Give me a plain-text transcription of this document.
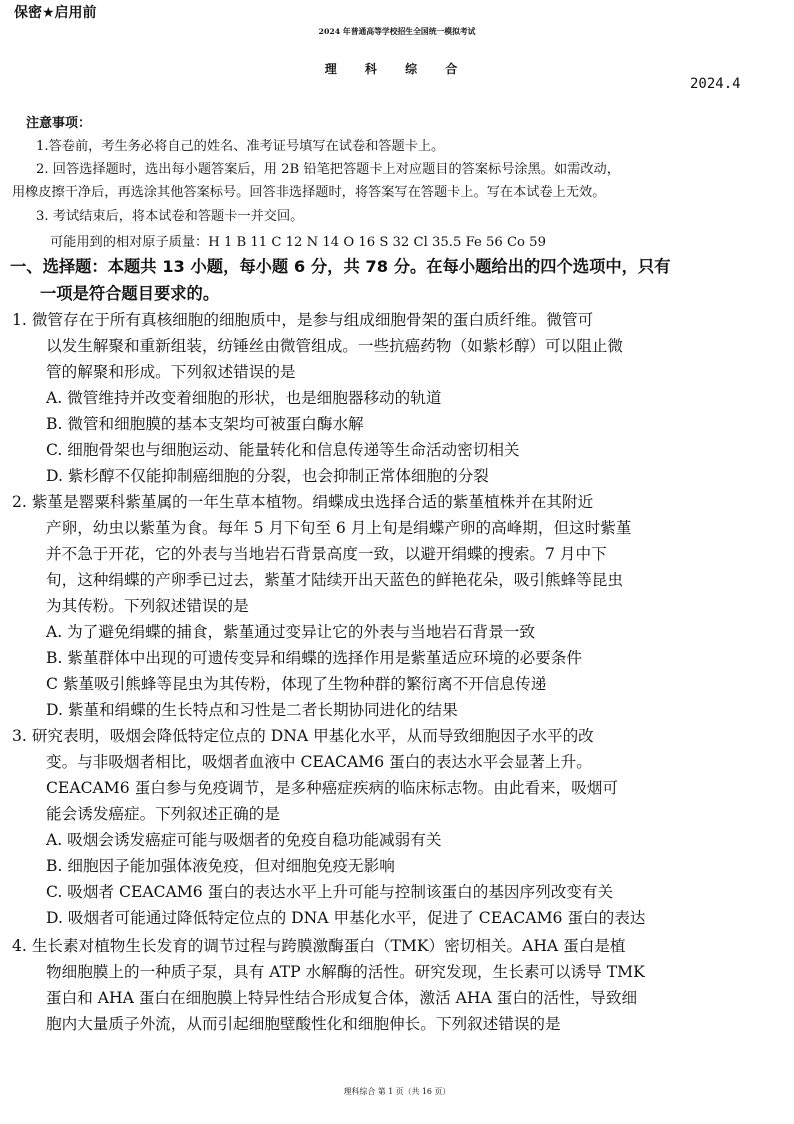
保密★启用前
2024 年普通高等学校招生全国统一模拟考试
理 科 综 合
2024.4
注意事项：
1.答卷前，考生务必将自己的姓名、准考证号填写在试卷和答题卡上。
2. 回答选择题时，选出每小题答案后，用 2B 铅笔把答题卡上对应题目的答案标号涂黑。如需改动，
用橡皮擦干净后，再选涂其他答案标号。回答非选择题时，将答案写在答题卡上。写在本试卷上无效。
3. 考试结束后，将本试卷和答题卡一并交回。
可能用到的相对原子质量：H 1 B 11 C 12 N 14 O 16 S 32 Cl 35.5 Fe 56 Co 59
一、选择题：本题共 13 小题，每小题 6 分，共 78 分。在每小题给出的四个选项中，只有
一项是符合题目要求的。
1. 微管存在于所有真核细胞的细胞质中，是参与组成细胞骨架的蛋白质纤维。微管可
以发生解聚和重新组装，纺锤丝由微管组成。一些抗癌药物（如紫杉醇）可以阻止微
管的解聚和形成。下列叙述错误的是
A. 微管维持并改变着细胞的形状，也是细胞器移动的轨道
B. 微管和细胞膜的基本支架均可被蛋白酶水解
C. 细胞骨架也与细胞运动、能量转化和信息传递等生命活动密切相关
D. 紫杉醇不仅能抑制癌细胞的分裂，也会抑制正常体细胞的分裂
2. 紫堇是罂粟科紫堇属的一年生草本植物。绢蝶成虫选择合适的紫堇植株并在其附近
产卵，幼虫以紫堇为食。每年 5 月下旬至 6 月上旬是绢蝶产卵的高峰期，但这时紫堇
并不急于开花，它的外表与当地岩石背景高度一致，以避开绢蝶的搜索。7 月中下
旬，这种绢蝶的产卵季已过去，紫堇才陆续开出天蓝色的鲜艳花朵，吸引熊蜂等昆虫
为其传粉。下列叙述错误的是
A. 为了避免绢蝶的捕食，紫堇通过变异让它的外表与当地岩石背景一致
B. 紫堇群体中出现的可遗传变异和绢蝶的选择作用是紫堇适应环境的必要条件
C 紫堇吸引熊蜂等昆虫为其传粉，体现了生物种群的繁衍离不开信息传递
D. 紫堇和绢蝶的生长特点和习性是二者长期协同进化的结果
3. 研究表明，吸烟会降低特定位点的 DNA 甲基化水平，从而导致细胞因子水平的改
变。与非吸烟者相比，吸烟者血液中 CEACAM6 蛋白的表达水平会显著上升。
CEACAM6 蛋白参与免疫调节，是多种癌症疾病的临床标志物。由此看来，吸烟可
能会诱发癌症。下列叙述正确的是
A. 吸烟会诱发癌症可能与吸烟者的免疫自稳功能减弱有关
B. 细胞因子能加强体液免疫，但对细胞免疫无影响
C. 吸烟者 CEACAM6 蛋白的表达水平上升可能与控制该蛋白的基因序列改变有关
D. 吸烟者可能通过降低特定位点的 DNA 甲基化水平，促进了 CEACAM6 蛋白的表达
4. 生长素对植物生长发育的调节过程与跨膜激酶蛋白（TMK）密切相关。AHA 蛋白是植
物细胞膜上的一种质子泵，具有 ATP 水解酶的活性。研究发现，生长素可以诱导 TMK
蛋白和 AHA 蛋白在细胞膜上特异性结合形成复合体，激活 AHA 蛋白的活性，导致细
胞内大量质子外流，从而引起细胞壁酸性化和细胞伸长。下列叙述错误的是
理科综合 第 1 页（共 16 页）
